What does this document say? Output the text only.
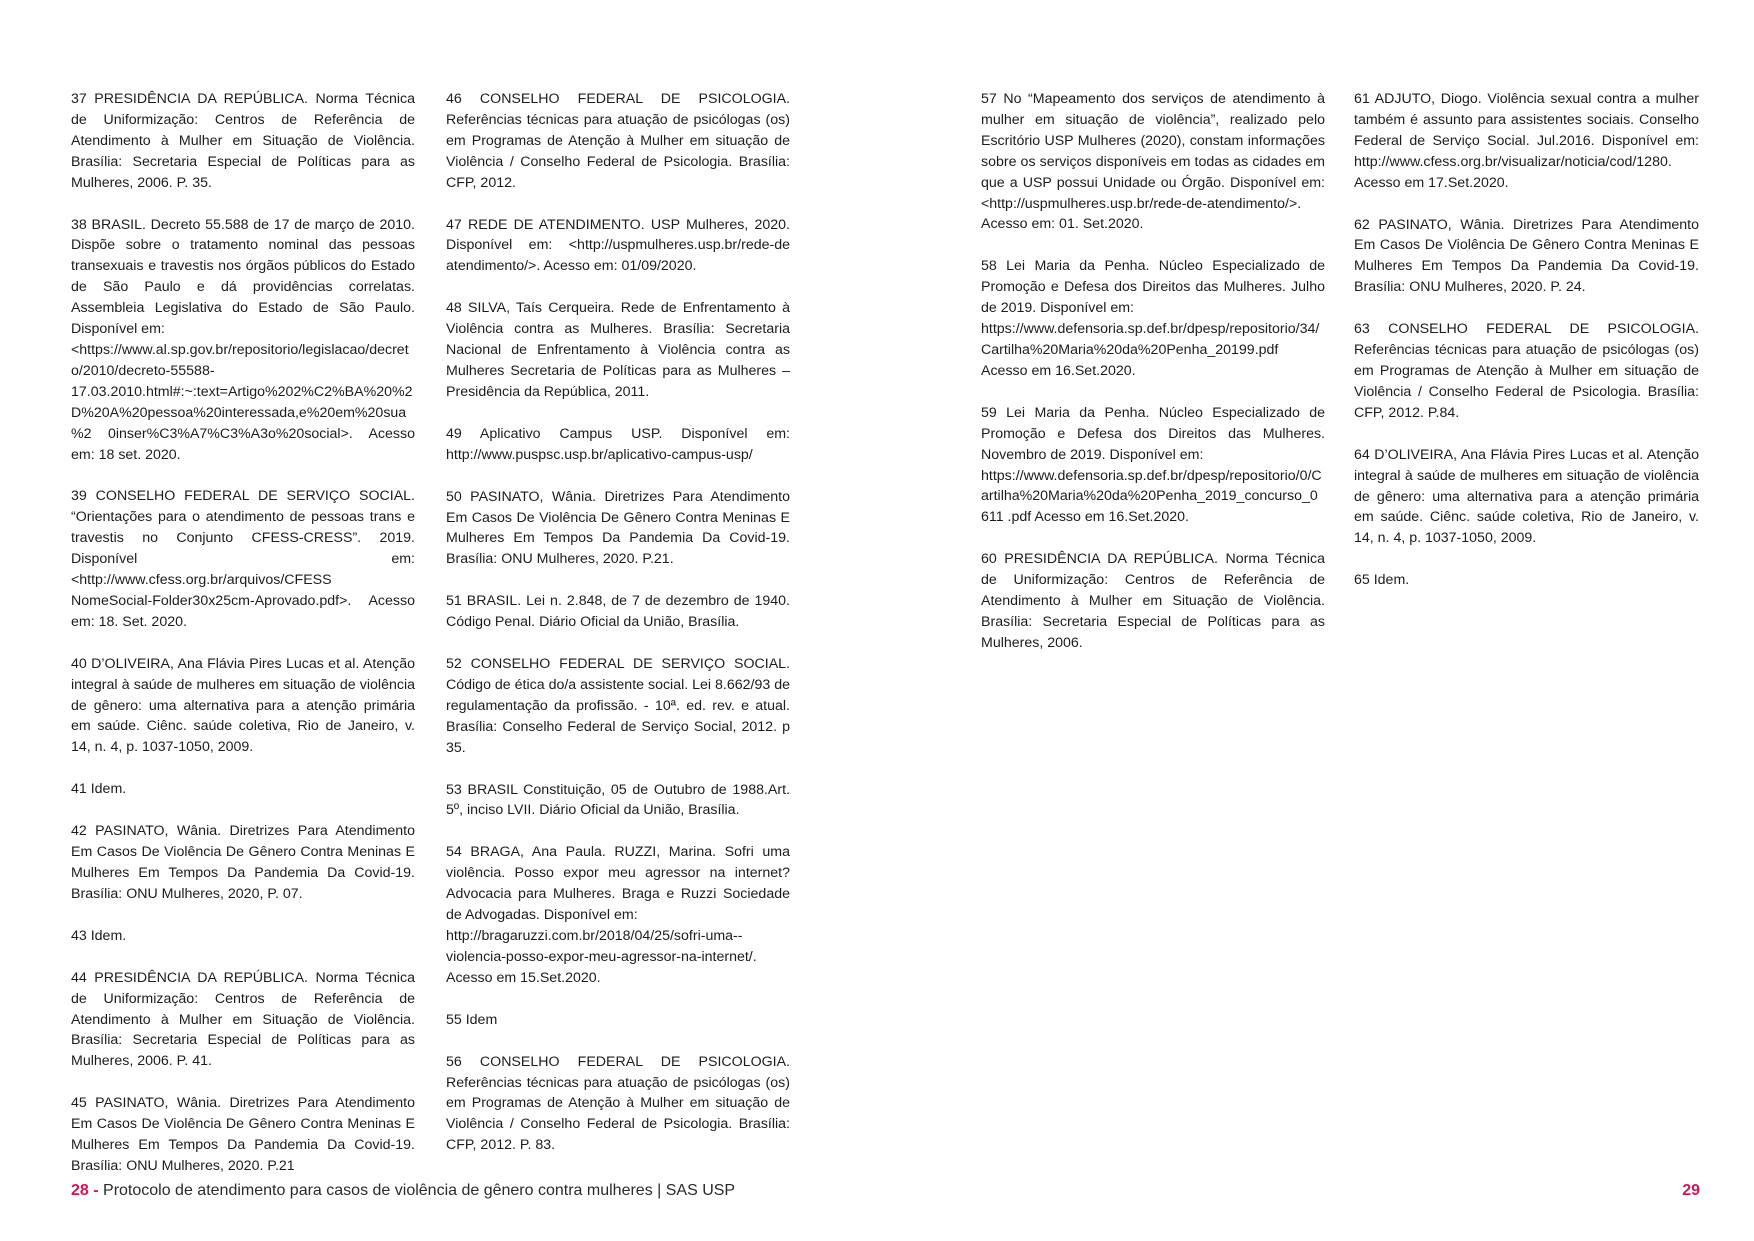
37 PRESIDÊNCIA DA REPÚBLICA. Norma Técnica de Uniformização: Centros de Referência de Atendimento à Mulher em Situação de Violência. Brasília: Secretaria Especial de Políticas para as Mulheres, 2006. P. 35.

38 BRASIL. Decreto 55.588 de 17 de março de 2010. Dispõe sobre o tratamento nominal das pessoas transexuais e travestis nos órgãos públicos do Estado de São Paulo e dá providências correlatas. Assembleia Legislativa do Estado de São Paulo. Disponível em:
<https://www.al.sp.gov.br/repositorio/legislacao/decreto/2010/decreto-55588-17.03.2010.html#:~:text=Artigo%202%C2%BA%20%2D%20A%20pessoa%20interessada,e%20em%20sua%2 0inser%C3%A7%C3%A3o%20social>. Acesso em: 18 set. 2020.

39 CONSELHO FEDERAL DE SERVIÇO SOCIAL. “Orientações para o atendimento de pessoas trans e travestis no Conjunto CFESS-CRESS”. 2019. Disponível em: <http://www.cfess.org.br/arquivos/CFESS NomeSocial-Folder30x25cm-Aprovado.pdf>. Acesso em: 18. Set. 2020.

40 D’OLIVEIRA, Ana Flávia Pires Lucas et al. Atenção integral à saúde de mulheres em situação de violência de gênero: uma alternativa para a atenção primária em saúde. Ciênc. saúde coletiva, Rio de Janeiro, v. 14, n. 4, p. 1037-1050, 2009.

41 Idem.

42 PASINATO, Wânia. Diretrizes Para Atendimento Em Casos De Violência De Gênero Contra Meninas E Mulheres Em Tempos Da Pandemia Da Covid-19. Brasília: ONU Mulheres, 2020, P. 07.

43 Idem.

44 PRESIDÊNCIA DA REPÚBLICA. Norma Técnica de Uniformização: Centros de Referência de Atendimento à Mulher em Situação de Violência. Brasília: Secretaria Especial de Políticas para as Mulheres, 2006. P. 41.

45 PASINATO, Wânia. Diretrizes Para Atendimento Em Casos De Violência De Gênero Contra Meninas E Mulheres Em Tempos Da Pandemia Da Covid-19. Brasília: ONU Mulheres, 2020. P.21

46 CONSELHO FEDERAL DE PSICOLOGIA. Referências técnicas para atuação de psicólogas (os) em Programas de Atenção à Mulher em situação de Violência / Conselho Federal de Psicologia. Brasília: CFP, 2012.

47 REDE DE ATENDIMENTO. USP Mulheres, 2020. Disponível em: <http://uspmulheres.usp.br/rede-de atendimento/>. Acesso em: 01/09/2020.

48 SILVA, Taís Cerqueira. Rede de Enfrentamento à Violência contra as Mulheres. Brasília: Secretaria Nacional de Enfrentamento à Violência contra as Mulheres Secretaria de Políticas para as Mulheres – Presidência da República, 2011.

49 Aplicativo Campus USP. Disponível em: http://www.puspsc.usp.br/aplicativo-campus-usp/

50 PASINATO, Wânia. Diretrizes Para Atendimento Em Casos De Violência De Gênero Contra Meninas E Mulheres Em Tempos Da Pandemia Da Covid-19. Brasília: ONU Mulheres, 2020. P.21.

51 BRASIL. Lei n. 2.848, de 7 de dezembro de 1940. Código Penal. Diário Oficial da União, Brasília.

52 CONSELHO FEDERAL DE SERVIÇO SOCIAL. Código de ética do/a assistente social. Lei 8.662/93 de regulamentação da profissão. - 10ª. ed. rev. e atual. Brasília: Conselho Federal de Serviço Social, 2012. p 35.

53 BRASIL Constituição, 05 de Outubro de 1988.Art. 5º, inciso LVII. Diário Oficial da União, Brasília.

54 BRAGA, Ana Paula. RUZZI, Marina. Sofri uma violência. Posso expor meu agressor na internet? Advocacia para Mulheres. Braga e Ruzzi Sociedade de Advogadas. Disponível em:
http://bragaruzzi.com.br/2018/04/25/sofri-uma--violencia-posso-expor-meu-agressor-na-internet/. Acesso em 15.Set.2020.

55 Idem

56 CONSELHO FEDERAL DE PSICOLOGIA. Referências técnicas para atuação de psicólogas (os) em Programas de Atenção à Mulher em situação de Violência / Conselho Federal de Psicologia. Brasília: CFP, 2012. P. 83.

57 No “Mapeamento dos serviços de atendimento à mulher em situação de violência”, realizado pelo Escritório USP Mulheres (2020), constam informações sobre os serviços disponíveis em todas as cidades em que a USP possui Unidade ou Órgão. Disponível em: <http://uspmulheres.usp.br/rede-de-atendimento/>. Acesso em: 01. Set.2020.

58 Lei Maria da Penha. Núcleo Especializado de Promoção e Defesa dos Direitos das Mulheres. Julho de 2019. Disponível em:
https://www.defensoria.sp.def.br/dpesp/repositorio/34/Cartilha%20Maria%20da%20Penha_20199.pdf Acesso em 16.Set.2020.

59 Lei Maria da Penha. Núcleo Especializado de Promoção e Defesa dos Direitos das Mulheres. Novembro de 2019. Disponível em:
https://www.defensoria.sp.def.br/dpesp/repositorio/0/Cartilha%20Maria%20da%20Penha_2019_concurso_0611 .pdf Acesso em 16.Set.2020.

60 PRESIDÊNCIA DA REPÚBLICA. Norma Técnica de Uniformização: Centros de Referência de Atendimento à Mulher em Situação de Violência. Brasília: Secretaria Especial de Políticas para as Mulheres, 2006.

61 ADJUTO, Diogo. Violência sexual contra a mulher também é assunto para assistentes sociais. Conselho Federal de Serviço Social. Jul.2016. Disponível em: http://www.cfess.org.br/visualizar/noticia/cod/1280. Acesso em 17.Set.2020.

62 PASINATO, Wânia. Diretrizes Para Atendimento Em Casos De Violência De Gênero Contra Meninas E Mulheres Em Tempos Da Pandemia Da Covid-19. Brasília: ONU Mulheres, 2020. P. 24.

63 CONSELHO FEDERAL DE PSICOLOGIA. Referências técnicas para atuação de psicólogas (os) em Programas de Atenção à Mulher em situação de Violência / Conselho Federal de Psicologia. Brasília: CFP, 2012. P.84.

64 D’OLIVEIRA, Ana Flávia Pires Lucas et al. Atenção integral à saúde de mulheres em situação de violência de gênero: uma alternativa para a atenção primária em saúde. Ciênc. saúde coletiva, Rio de Janeiro, v. 14, n. 4, p. 1037-1050, 2009.

65 Idem.

28 - Protocolo de atendimento para casos de violência de gênero contra mulheres | SAS USP	29
